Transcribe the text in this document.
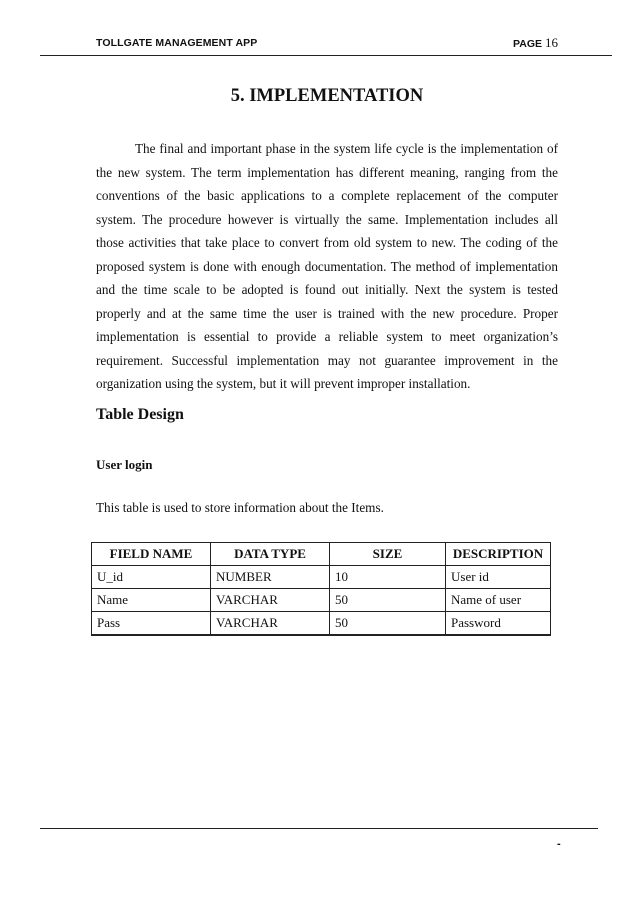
TOLLGATE MANAGEMENT APP	PAGE 16
5. IMPLEMENTATION

The final and important phase in the system life cycle is the implementation of the new system. The term implementation has different meaning, ranging from the conventions of the basic applications to a complete replacement of the computer system. The procedure however is virtually the same. Implementation includes all those activities that take place to convert from old system to new. The coding of the proposed system is done with enough documentation. The method of implementation and the time scale to be adopted is found out initially. Next the system is tested properly and at the same time the user is trained with the new procedure. Proper implementation is essential to provide a reliable system to meet organization’s requirement. Successful implementation may not guarantee improvement in the organization using the system, but it will prevent improper installation.

Table Design
User login
This table is used to store information about the Items.
FIELD NAME	DATA TYPE	SIZE	DESCRIPTION
U_id	NUMBER	10	User id
Name	VARCHAR	50	Name of user
Pass	VARCHAR	50	Password
-
